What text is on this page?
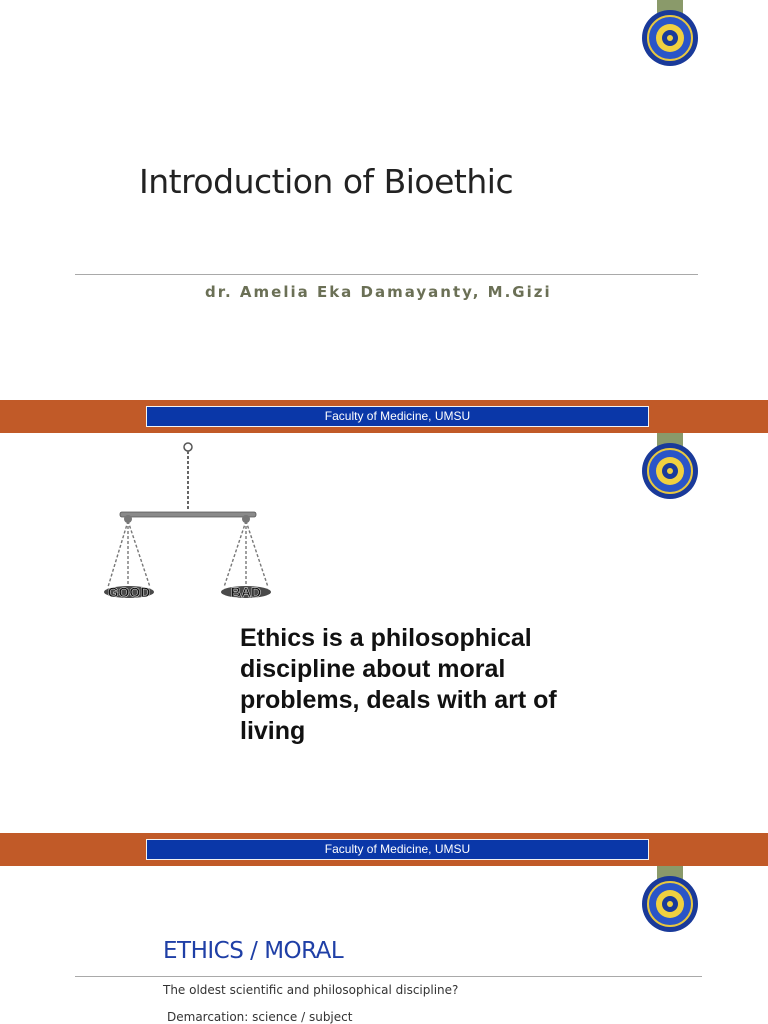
Introduction of Bioethic
dr. Amelia Eka Damayanty, M.Gizi
Faculty of Medicine, UMSU
GOOD	BAD
Ethics is a philosophical discipline about moral problems, deals with art of living
Faculty of Medicine, UMSU
ETHICS / MORAL
The oldest scientific and philosophical discipline?
Demarcation: science / subject
